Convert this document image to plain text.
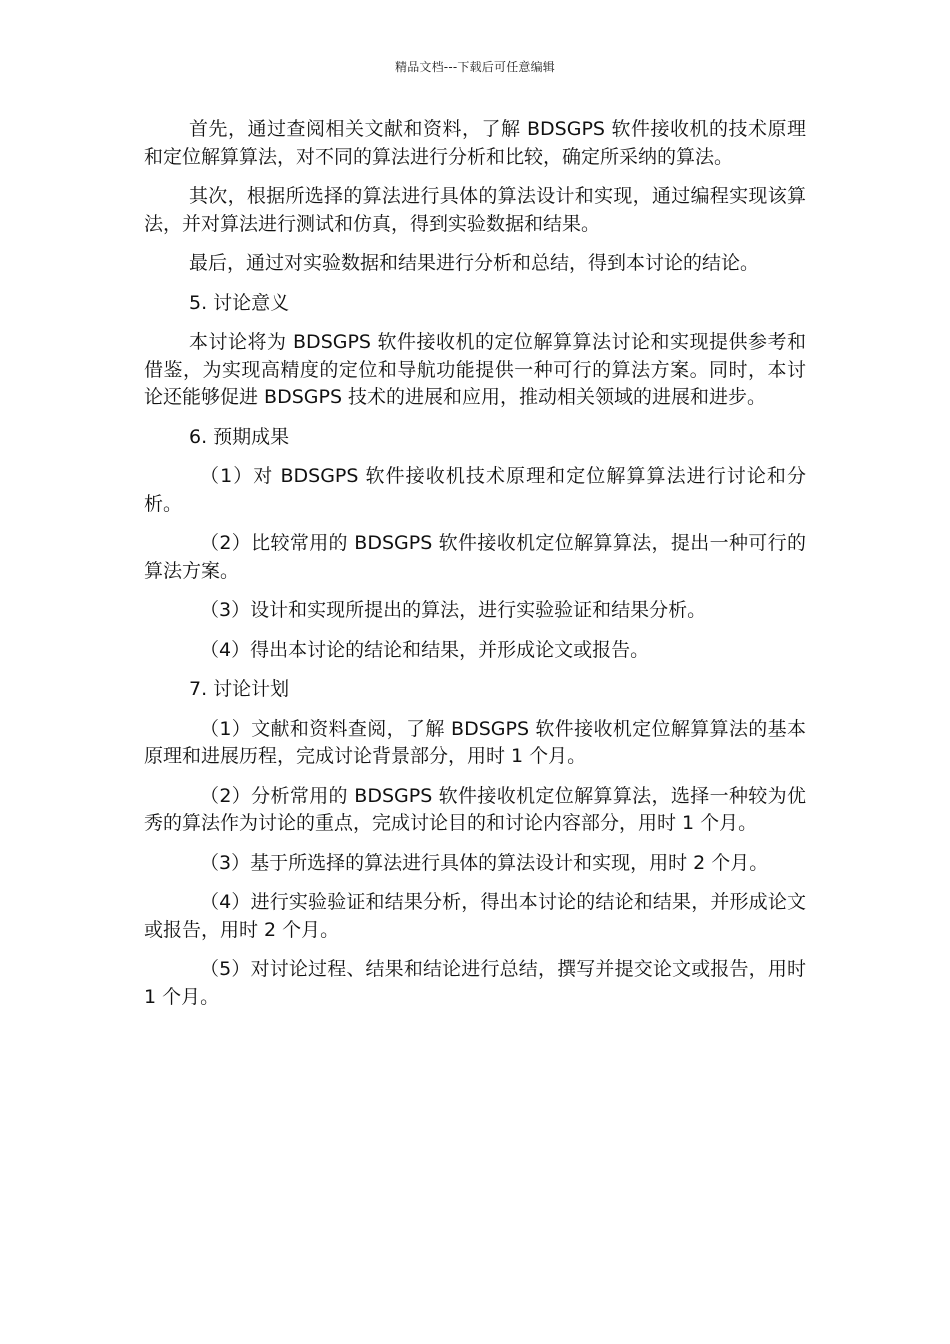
精品文档---下载后可任意编辑

首先，通过查阅相关文献和资料，了解 BDSGPS 软件接收机的技术原理和定位解算算法，对不同的算法进行分析和比较，确定所采纳的算法。

其次，根据所选择的算法进行具体的算法设计和实现，通过编程实现该算法，并对算法进行测试和仿真，得到实验数据和结果。

最后，通过对实验数据和结果进行分析和总结，得到本讨论的结论。

5. 讨论意义

本讨论将为 BDSGPS 软件接收机的定位解算算法讨论和实现提供参考和借鉴，为实现高精度的定位和导航功能提供一种可行的算法方案。同时，本讨论还能够促进 BDSGPS 技术的进展和应用，推动相关领域的进展和进步。

6. 预期成果

（1）对 BDSGPS 软件接收机技术原理和定位解算算法进行讨论和分析。

（2）比较常用的 BDSGPS 软件接收机定位解算算法，提出一种可行的算法方案。

（3）设计和实现所提出的算法，进行实验验证和结果分析。

（4）得出本讨论的结论和结果，并形成论文或报告。

7. 讨论计划

（1）文献和资料查阅，了解 BDSGPS 软件接收机定位解算算法的基本原理和进展历程，完成讨论背景部分，用时 1 个月。

（2）分析常用的 BDSGPS 软件接收机定位解算算法，选择一种较为优秀的算法作为讨论的重点，完成讨论目的和讨论内容部分，用时 1 个月。

（3）基于所选择的算法进行具体的算法设计和实现，用时 2 个月。

（4）进行实验验证和结果分析，得出本讨论的结论和结果，并形成论文或报告，用时 2 个月。

（5）对讨论过程、结果和结论进行总结，撰写并提交论文或报告，用时 1 个月。
